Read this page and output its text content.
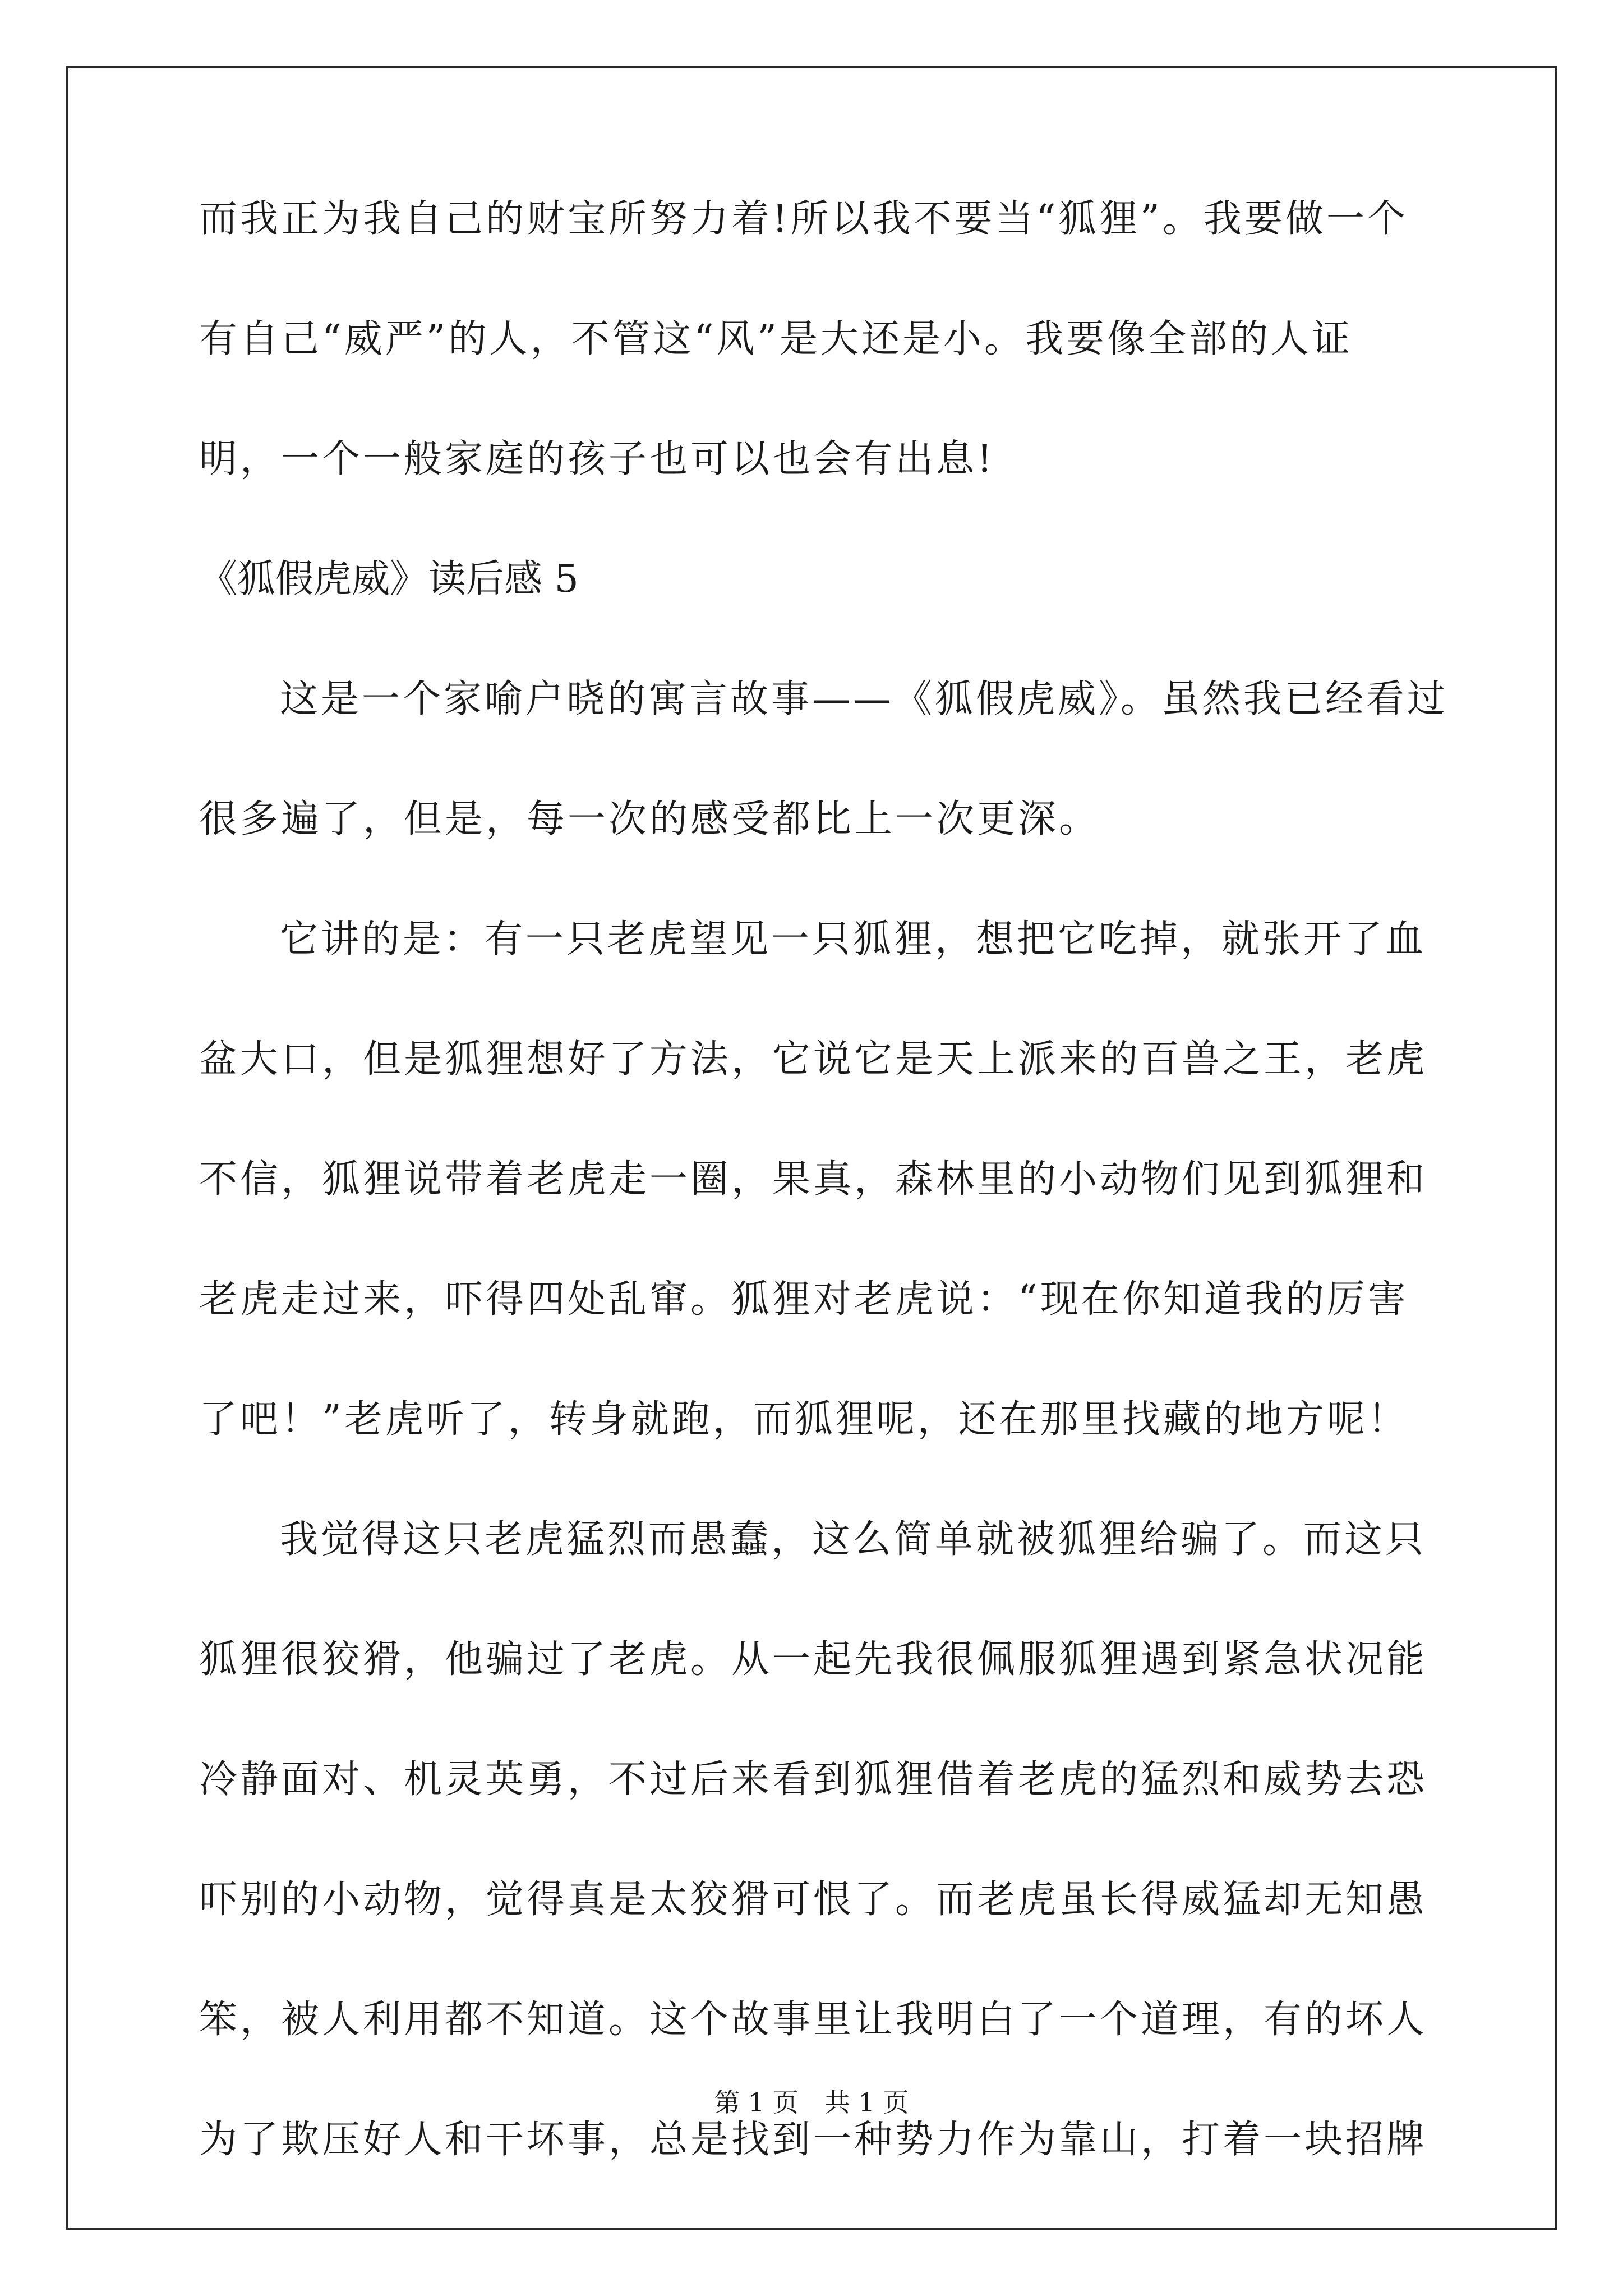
而我正为我自己的财宝所努力着!所以我不要当“狐狸”。我要做一个

有自己“威严”的人，不管这“风”是大还是小。我要像全部的人证

明，一个一般家庭的孩子也可以也会有出息!

《狐假虎威》读后感 5

这是一个家喻户晓的寓言故事——《狐假虎威》。虽然我已经看过

很多遍了，但是，每一次的感受都比上一次更深。

它讲的是：有一只老虎望见一只狐狸，想把它吃掉，就张开了血

盆大口，但是狐狸想好了方法，它说它是天上派来的百兽之王，老虎

不信，狐狸说带着老虎走一圈，果真，森林里的小动物们见到狐狸和

老虎走过来，吓得四处乱窜。狐狸对老虎说：“现在你知道我的厉害

了吧！”老虎听了，转身就跑，而狐狸呢，还在那里找藏的地方呢！

我觉得这只老虎猛烈而愚蠢，这么简单就被狐狸给骗了。而这只

狐狸很狡猾，他骗过了老虎。从一起先我很佩服狐狸遇到紧急状况能

冷静面对、机灵英勇，不过后来看到狐狸借着老虎的猛烈和威势去恐

吓别的小动物，觉得真是太狡猾可恨了。而老虎虽长得威猛却无知愚

笨，被人利用都不知道。这个故事里让我明白了一个道理，有的坏人

为了欺压好人和干坏事，总是找到一种势力作为靠山，打着一块招牌

第 1 页　共 1 页
